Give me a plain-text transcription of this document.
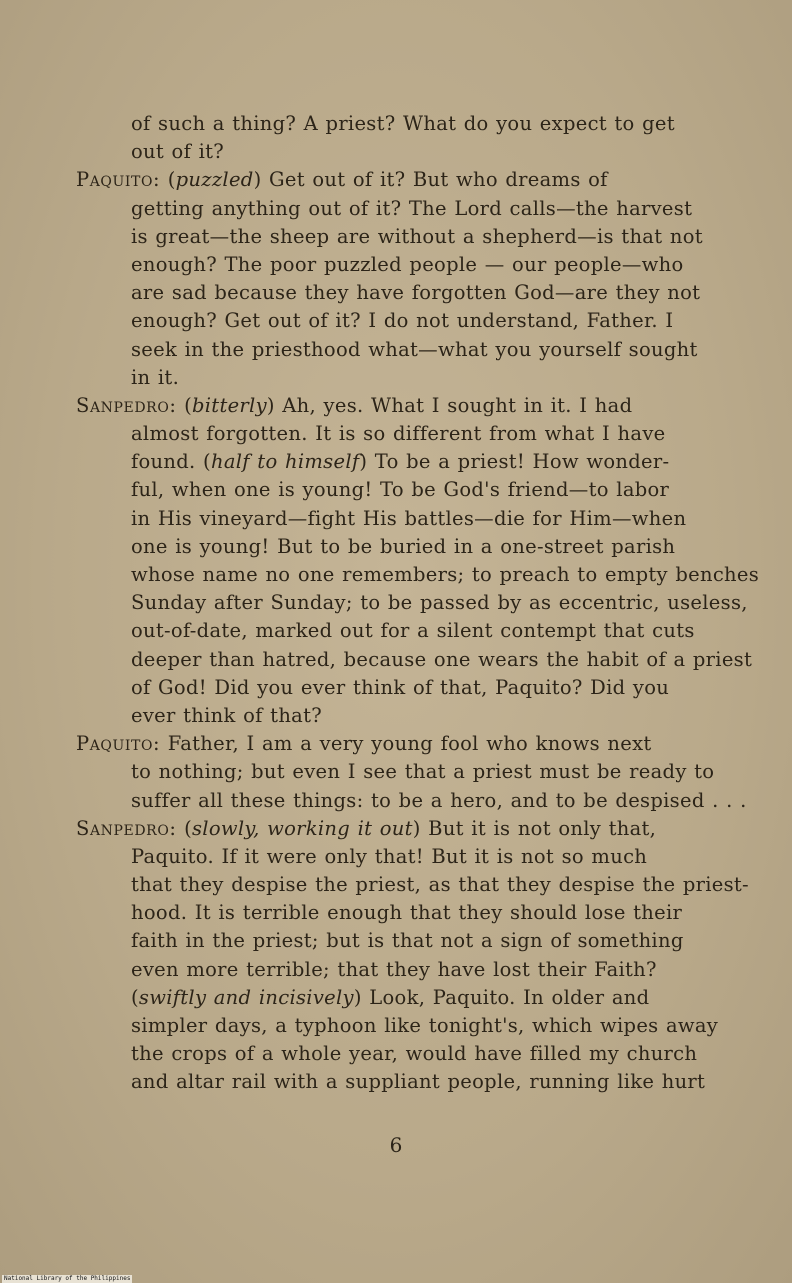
of such a thing? A priest? What do you expect to get
out of it?
Paquito: (puzzled) Get out of it? But who dreams of
getting anything out of it? The Lord calls—the harvest
is great—the sheep are without a shepherd—is that not
enough? The poor puzzled people — our people—who
are sad because they have forgotten God—are they not
enough? Get out of it? I do not understand, Father. I
seek in the priesthood what—what you yourself sought
in it.
Sanpedro: (bitterly) Ah, yes. What I sought in it. I had
almost forgotten. It is so different from what I have
found. (half to himself) To be a priest! How wonder-
ful, when one is young! To be God's friend—to labor
in His vineyard—fight His battles—die for Him—when
one is young! But to be buried in a one-street parish
whose name no one remembers; to preach to empty benches
Sunday after Sunday; to be passed by as eccentric, useless,
out-of-date, marked out for a silent contempt that cuts
deeper than hatred, because one wears the habit of a priest
of God! Did you ever think of that, Paquito? Did you
ever think of that?
Paquito: Father, I am a very young fool who knows next
to nothing; but even I see that a priest must be ready to
suffer all these things: to be a hero, and to be despised . . .
Sanpedro: (slowly, working it out) But it is not only that,
Paquito. If it were only that! But it is not so much
that they despise the priest, as that they despise the priest-
hood. It is terrible enough that they should lose their
faith in the priest; but is that not a sign of something
even more terrible; that they have lost their Faith?
(swiftly and incisively) Look, Paquito. In older and
simpler days, a typhoon like tonight's, which wipes away
the crops of a whole year, would have filled my church
and altar rail with a suppliant people, running like hurt
6
National Library of the Philippines
